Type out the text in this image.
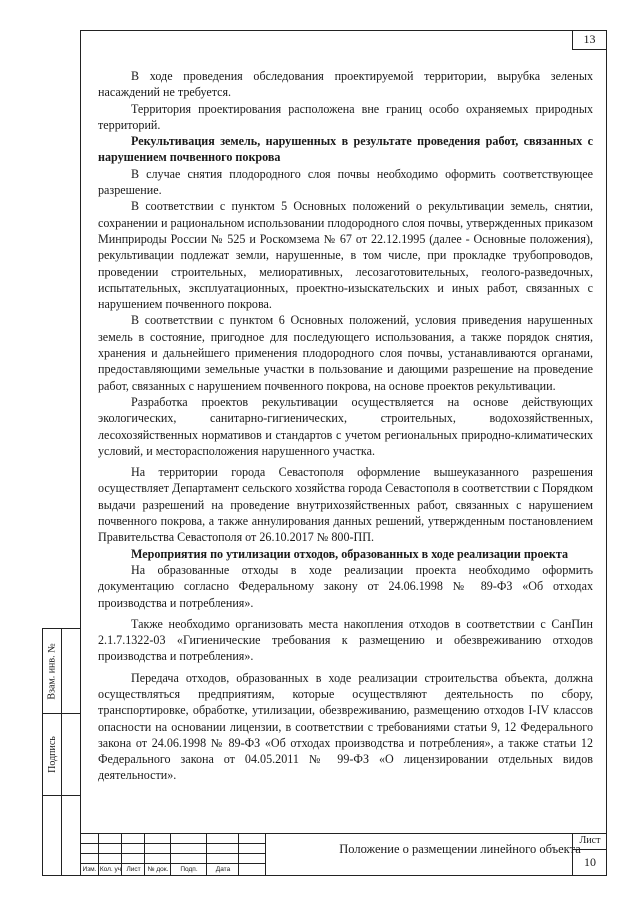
13

В ходе проведения обследования проектируемой территории, вырубка зеленых насаждений не требуется.

Территория проектирования расположена вне границ особо охраняемых природных территорий.

Рекультивация земель, нарушенных в результате проведения работ, связанных с нарушением почвенного покрова

В случае снятия плодородного слоя почвы необходимо оформить соответствующее разрешение.

В соответствии с пунктом 5 Основных положений о рекультивации земель, снятии, сохранении и рациональном использовании плодородного слоя почвы, утвержденных приказом Минприроды России № 525 и Роскомзема № 67 от 22.12.1995 (далее - Основные положения), рекультивации подлежат земли, нарушенные, в том числе, при прокладке трубопроводов, проведении строительных, мелиоративных, лесозаготовительных, геолого-разведочных, испытательных, эксплуатационных, проектно-изыскательских и иных работ, связанных с нарушением почвенного покрова.

В соответствии с пунктом 6 Основных положений, условия приведения нарушенных земель в состояние, пригодное для последующего использования, а также порядок снятия, хранения и дальнейшего применения плодородного слоя почвы, устанавливаются органами, предоставляющими земельные участки в пользование и дающими разрешение на проведение работ, связанных с нарушением почвенного покрова, на основе проектов рекультивации.

Разработка проектов рекультивации осуществляется на основе действующих экологических, санитарно-гигиенических, строительных, водохозяйственных, лесохозяйственных нормативов и стандартов с учетом региональных природно-климатических условий, и месторасположения нарушенного участка.

На территории города Севастополя оформление вышеуказанного разрешения осуществляет Департамент сельского хозяйства города Севастополя в соответствии с Порядком выдачи разрешений на проведение внутрихозяйственных работ, связанных с нарушением почвенного покрова, а также аннулирования данных решений, утвержденным постановлением Правительства Севастополя от 26.10.2017 № 800-ПП.

Мероприятия по утилизации отходов, образованных в ходе реализации проекта

На образованные отходы в ходе реализации проекта необходимо оформить документацию согласно Федеральному закону от 24.06.1998 № 89-ФЗ «Об отходах производства и потребления».

Также необходимо организовать места накопления отходов в соответствии с СанПин 2.1.7.1322-03 «Гигиенические требования к размещению и обезвреживанию отходов производства и потребления».

Передача отходов, образованных в ходе реализации строительства объекта, должна осуществляться предприятиям, которые осуществляют деятельность по сбору, транспортировке, обработке, утилизации, обезвреживанию, размещению отходов I-IV классов опасности на основании лицензии, в соответствии с требованиями статьи 9, 12 Федерального закона от 24.06.1998 № 89-ФЗ «Об отходах производства и потребления», а также статьи 12 Федерального закона от 04.05.2011 № 99-ФЗ «О лицензировании отдельных видов деятельности».

Взам. инв. №
Подпись
Изм. Кол. уч Лист	№ док.	Подп.	Дата
Положение о размещении линейного объекта
Лист
10
